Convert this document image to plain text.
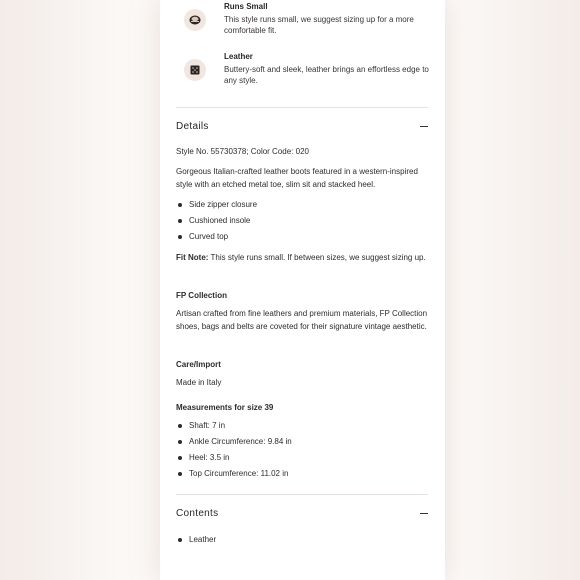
Runs Small
This style runs small, we suggest sizing up for a more comfortable fit.
Leather
Buttery-soft and sleek, leather brings an effortless edge to any style.
Details
Style No. 55730378; Color Code: 020
Gorgeous Italian-crafted leather boots featured in a western-inspired style with an etched metal toe, slim sit and stacked heel.
Side zipper closure
Cushioned insole
Curved top
Fit Note: This style runs small. If between sizes, we suggest sizing up.
FP Collection
Artisan crafted from fine leathers and premium materials, FP Collection shoes, bags and belts are coveted for their signature vintage aesthetic.
Care/Import
Made in Italy
Measurements for size 39
Shaft: 7 in
Ankle Circumference: 9.84 in
Heel: 3.5 in
Top Circumference: 11.02 in
Contents
Leather
